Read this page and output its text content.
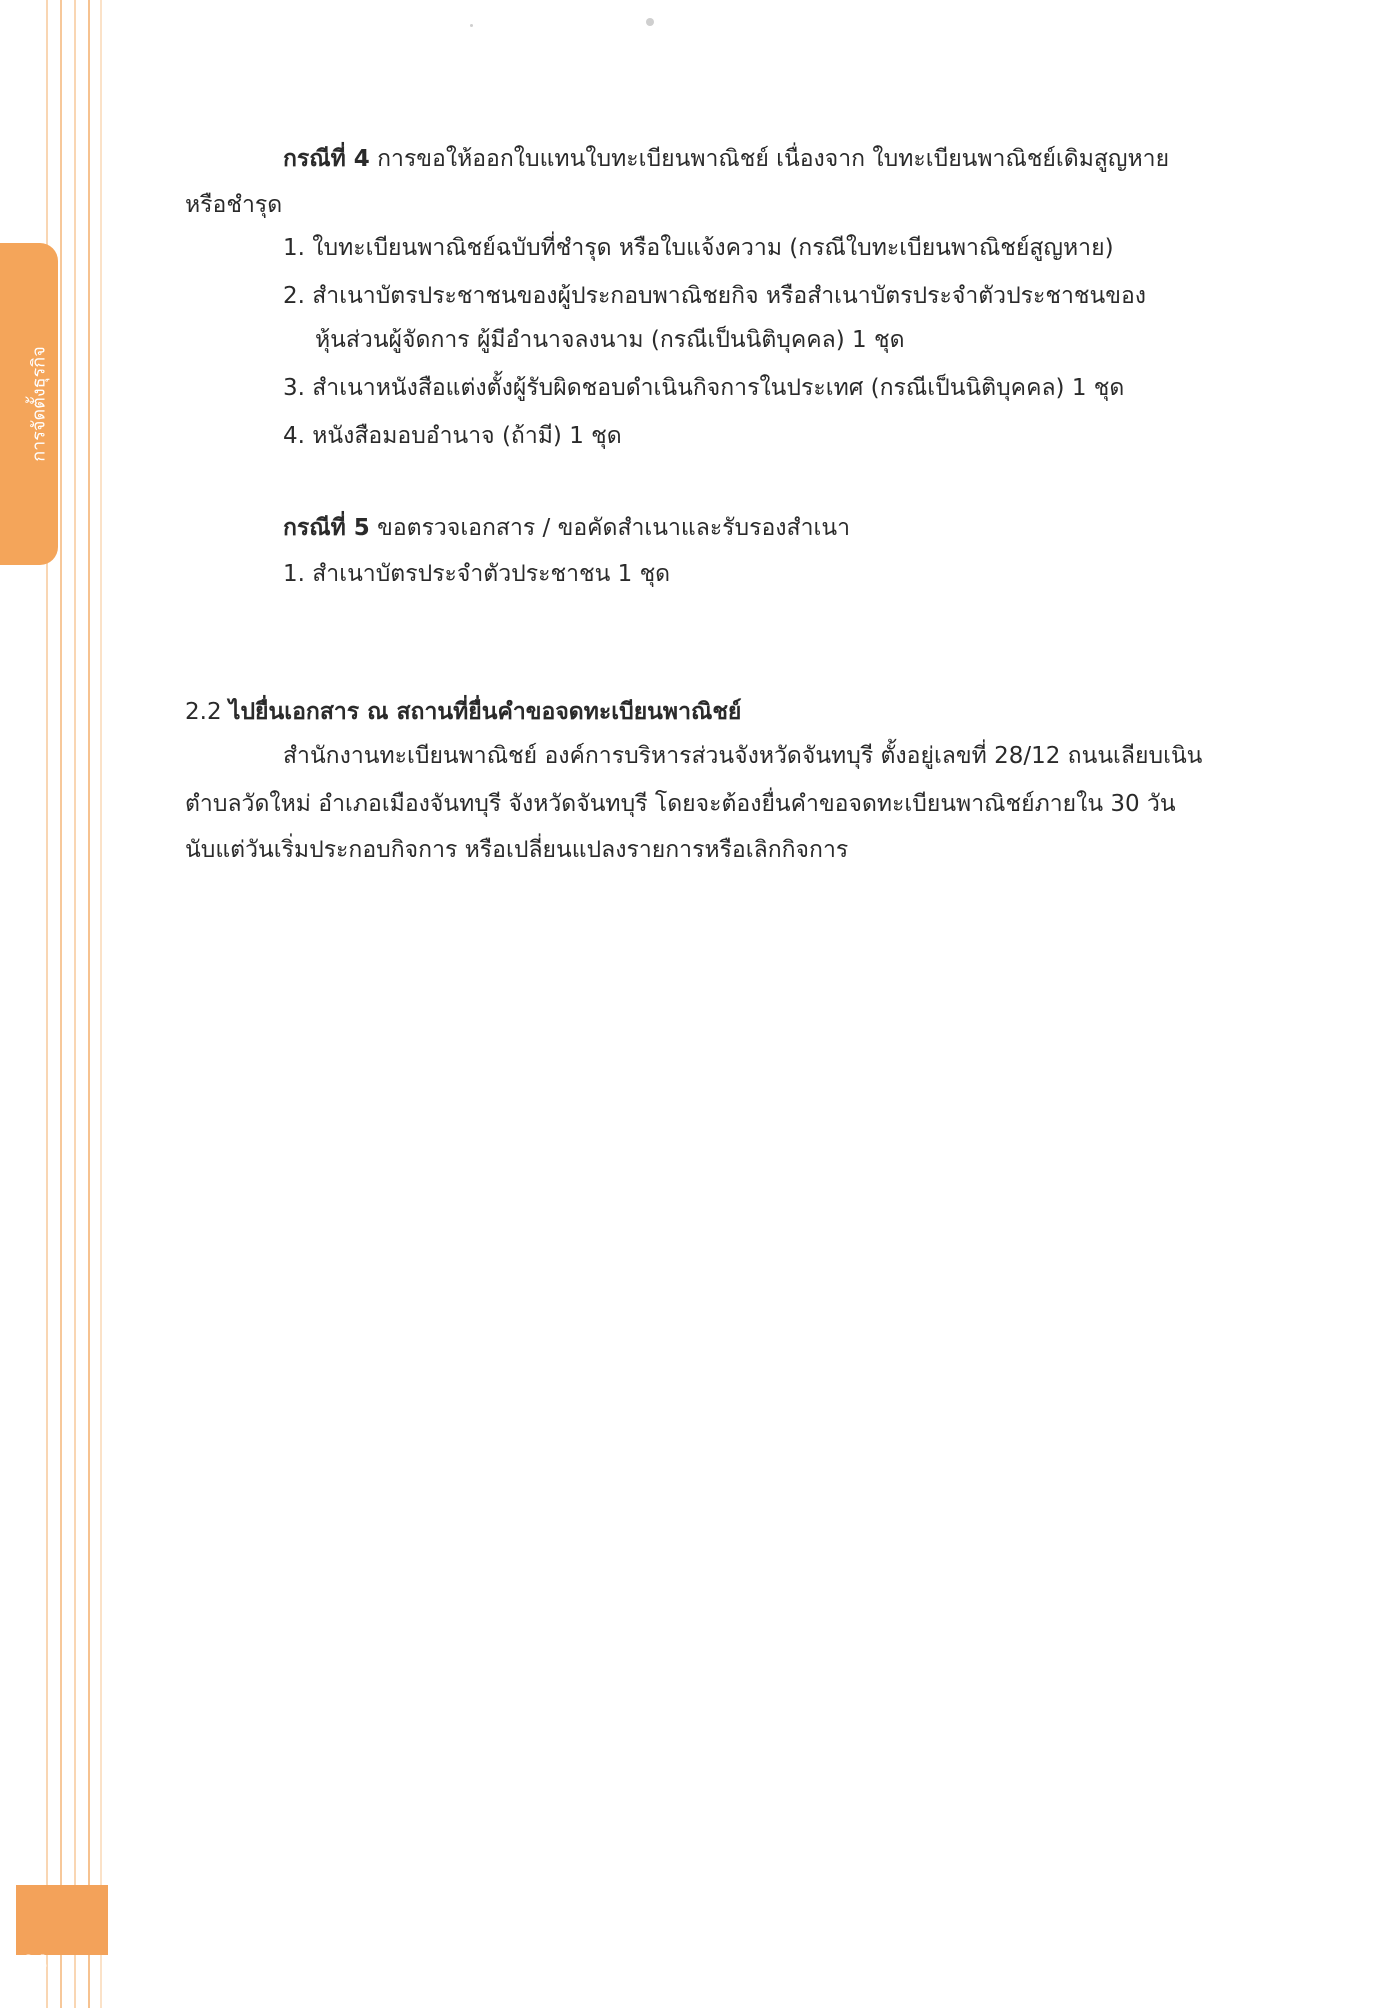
การจัดตั้งธุรกิจ
64
กรณีที่ 4 การขอให้ออกใบแทนใบทะเบียนพาณิชย์ เนื่องจาก ใบทะเบียนพาณิชย์เดิมสูญหาย
หรือชำรุด
1. ใบทะเบียนพาณิชย์ฉบับที่ชำรุด หรือใบแจ้งความ (กรณีใบทะเบียนพาณิชย์สูญหาย)
2. สำเนาบัตรประชาชนของผู้ประกอบพาณิชยกิจ หรือสำเนาบัตรประจำตัวประชาชนของ
หุ้นส่วนผู้จัดการ ผู้มีอำนาจลงนาม (กรณีเป็นนิติบุคคล) 1 ชุด
3. สำเนาหนังสือแต่งตั้งผู้รับผิดชอบดำเนินกิจการในประเทศ (กรณีเป็นนิติบุคคล) 1 ชุด
4. หนังสือมอบอำนาจ (ถ้ามี) 1 ชุด
กรณีที่ 5 ขอตรวจเอกสาร / ขอคัดสำเนาและรับรองสำเนา
1. สำเนาบัตรประจำตัวประชาชน 1 ชุด
2.2 ไปยื่นเอกสาร ณ สถานที่ยื่นคำขอจดทะเบียนพาณิชย์
สำนักงานทะเบียนพาณิชย์ องค์การบริหารส่วนจังหวัดจันทบุรี ตั้งอยู่เลขที่ 28/12 ถนนเลียบเนิน
ตำบลวัดใหม่ อำเภอเมืองจันทบุรี จังหวัดจันทบุรี โดยจะต้องยื่นคำขอจดทะเบียนพาณิชย์ภายใน 30 วัน
นับแต่วันเริ่มประกอบกิจการ หรือเปลี่ยนแปลงรายการหรือเลิกกิจการ
